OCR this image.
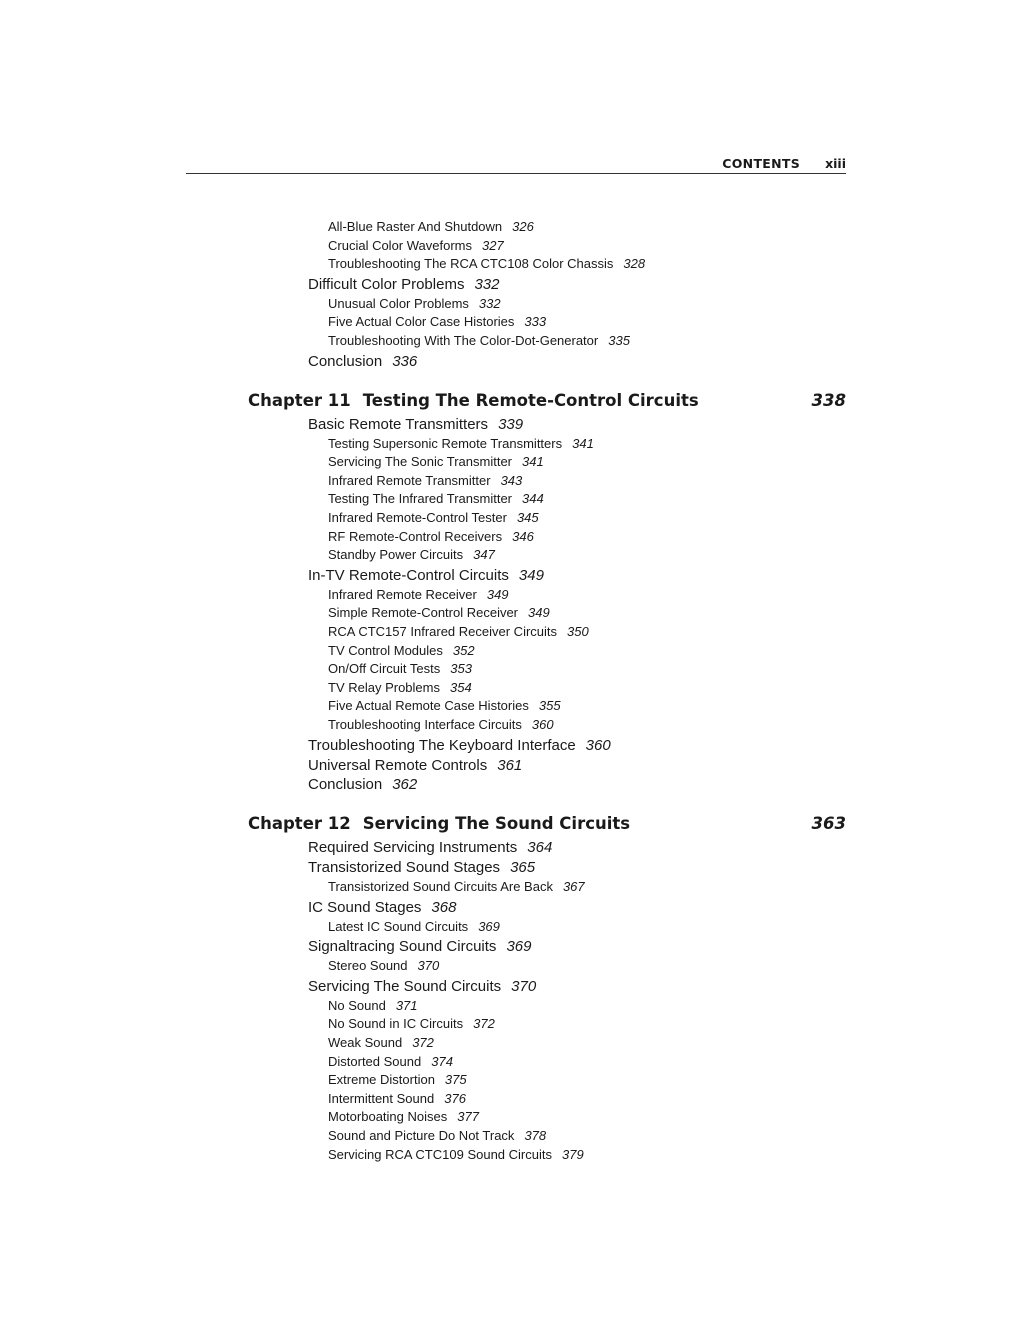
CONTENTS xiii
All-Blue Raster And Shutdown 326
Crucial Color Waveforms 327
Troubleshooting The RCA CTC108 Color Chassis 328
Difficult Color Problems 332
Unusual Color Problems 332
Five Actual Color Case Histories 333
Troubleshooting With The Color-Dot-Generator 335
Conclusion 336
Chapter 11 Testing The Remote-Control Circuits	338
Basic Remote Transmitters 339
Testing Supersonic Remote Transmitters 341
Servicing The Sonic Transmitter 341
Infrared Remote Transmitter 343
Testing The Infrared Transmitter 344
Infrared Remote-Control Tester 345
RF Remote-Control Receivers 346
Standby Power Circuits 347
In-TV Remote-Control Circuits 349
Infrared Remote Receiver 349
Simple Remote-Control Receiver 349
RCA CTC157 Infrared Receiver Circuits 350
TV Control Modules 352
On/Off Circuit Tests 353
TV Relay Problems 354
Five Actual Remote Case Histories 355
Troubleshooting Interface Circuits 360
Troubleshooting The Keyboard Interface 360
Universal Remote Controls 361
Conclusion 362
Chapter 12 Servicing The Sound Circuits	363
Required Servicing Instruments 364
Transistorized Sound Stages 365
Transistorized Sound Circuits Are Back 367
IC Sound Stages 368
Latest IC Sound Circuits 369
Signaltracing Sound Circuits 369
Stereo Sound 370
Servicing The Sound Circuits 370
No Sound 371
No Sound in IC Circuits 372
Weak Sound 372
Distorted Sound 374
Extreme Distortion 375
Intermittent Sound 376
Motorboating Noises 377
Sound and Picture Do Not Track 378
Servicing RCA CTC109 Sound Circuits 379
